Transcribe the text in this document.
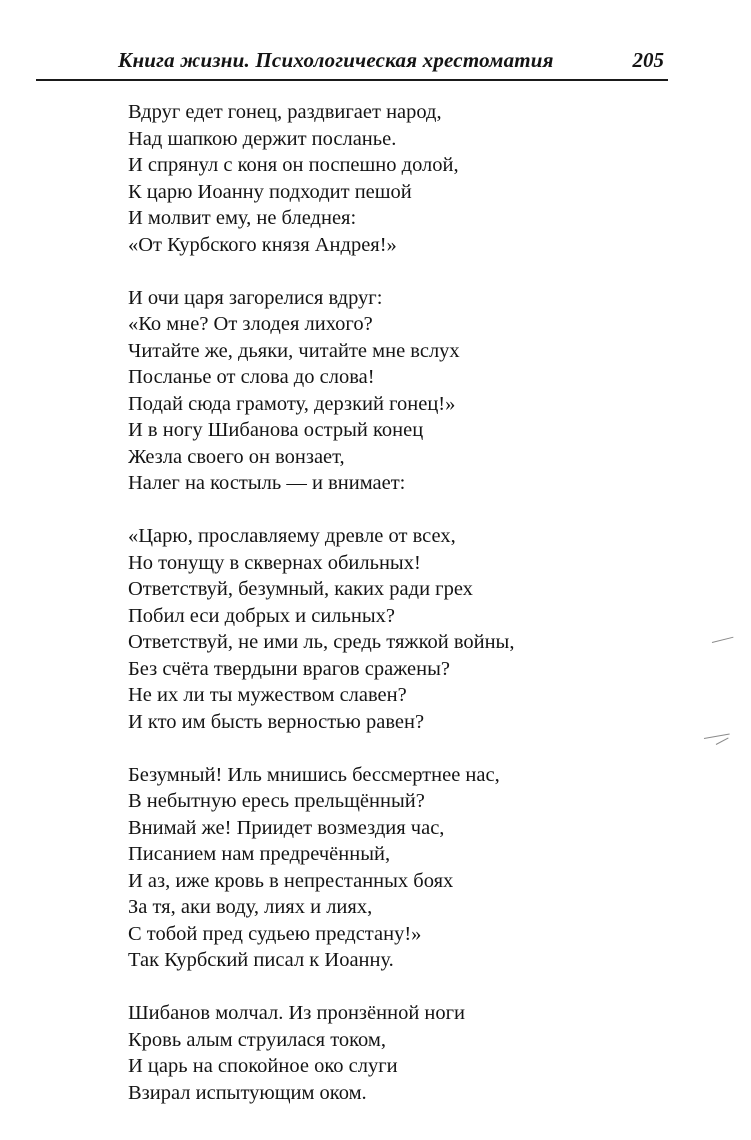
Книга жизни. Психологическая хрестоматия	205
Вдруг едет гонец, раздвигает народ,
Над шапкою держит посланье.
И спрянул с коня он поспешно долой,
К царю Иоанну подходит пешой
И молвит ему, не бледнея:
«От Курбского князя Андрея!»
И очи царя загорелися вдруг:
«Ко мне? От злодея лихого?
Читайте же, дьяки, читайте мне вслух
Посланье от слова до слова!
Подай сюда грамоту, дерзкий гонец!»
И в ногу Шибанова острый конец
Жезла своего он вонзает,
Налег на костыль — и внимает:
«Царю, прославляему древле от всех,
Но тонущу в сквернах обильных!
Ответствуй, безумный, каких ради грех
Побил еси добрых и сильных?
Ответствуй, не ими ль, средь тяжкой войны,
Без счёта твердыни врагов сражены?
Не их ли ты мужеством славен?
И кто им бысть верностью равен?
Безумный! Иль мнишись бессмертнее нас,
В небытную ересь прельщённый?
Внимай же! Приидет возмездия час,
Писанием нам предречённый,
И аз, иже кровь в непрестанных боях
За тя, аки воду, лиях и лиях,
С тобой пред судьею предстану!»
Так Курбский писал к Иоанну.
Шибанов молчал. Из пронзённой ноги
Кровь алым струилася током,
И царь на спокойное око слуги
Взирал испытующим оком.
